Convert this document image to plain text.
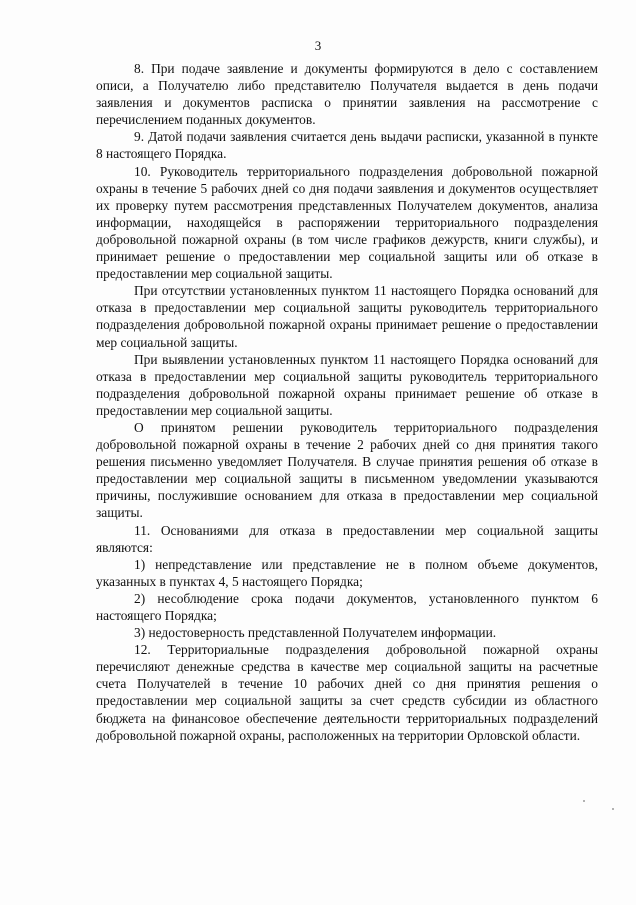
3

8. При подаче заявление и документы формируются в дело с составлением описи, а Получателю либо представителю Получателя выдается в день подачи заявления и документов расписка о принятии заявления на рассмотрение с перечислением поданных документов.

9. Датой подачи заявления считается день выдачи расписки, указанной в пункте 8 настоящего Порядка.

10. Руководитель территориального подразделения добровольной пожарной охраны в течение 5 рабочих дней со дня подачи заявления и документов осуществляет их проверку путем рассмотрения представленных Получателем документов, анализа информации, находящейся в распоряжении территориального подразделения добровольной пожарной охраны (в том числе графиков дежурств, книги службы), и принимает решение о предоставлении мер социальной защиты или об отказе в предоставлении мер социальной защиты.

При отсутствии установленных пунктом 11 настоящего Порядка оснований для отказа в предоставлении мер социальной защиты руководитель территориального подразделения добровольной пожарной охраны принимает решение о предоставлении мер социальной защиты.

При выявлении установленных пунктом 11 настоящего Порядка оснований для отказа в предоставлении мер социальной защиты руководитель территориального подразделения добровольной пожарной охраны принимает решение об отказе в предоставлении мер социальной защиты.

О принятом решении руководитель территориального подразделения добровольной пожарной охраны в течение 2 рабочих дней со дня принятия такого решения письменно уведомляет Получателя. В случае принятия решения об отказе в предоставлении мер социальной защиты в письменном уведомлении указываются причины, послужившие основанием для отказа в предоставлении мер социальной защиты.

11. Основаниями для отказа в предоставлении мер социальной защиты являются:

1) непредставление или представление не в полном объеме документов, указанных в пунктах 4, 5 настоящего Порядка;

2) несоблюдение срока подачи документов, установленного пунктом 6 настоящего Порядка;

3) недостоверность представленной Получателем информации.

12. Территориальные подразделения добровольной пожарной охраны перечисляют денежные средства в качестве мер социальной защиты на расчетные счета Получателей в течение 10 рабочих дней со дня принятия решения о предоставлении мер социальной защиты за счет средств субсидии из областного бюджета на финансовое обеспечение деятельности территориальных подразделений добровольной пожарной охраны, расположенных на территории Орловской области.
